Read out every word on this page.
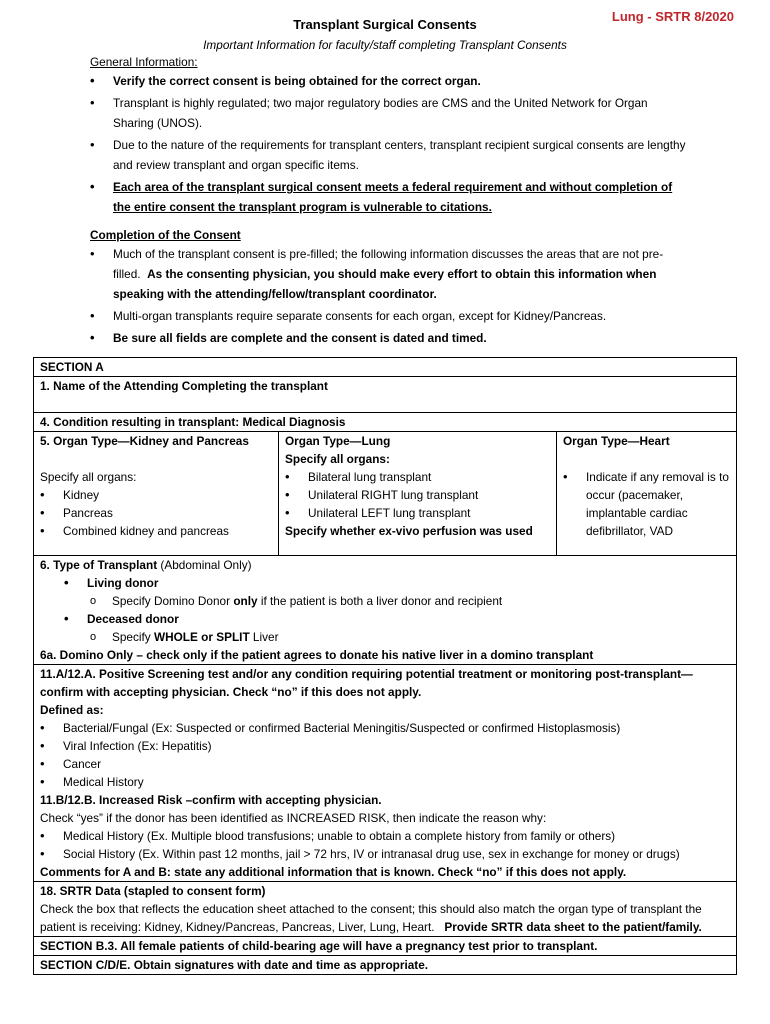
Lung - SRTR 8/2020
Transplant Surgical Consents
Important Information for faculty/staff completing Transplant Consents
General Information:
• Verify the correct consent is being obtained for the correct organ.
• Transplant is highly regulated; two major regulatory bodies are CMS and the United Network for Organ Sharing (UNOS).
• Due to the nature of the requirements for transplant centers, transplant recipient surgical consents are lengthy and review transplant and organ specific items.
• Each area of the transplant surgical consent meets a federal requirement and without completion of the entire consent the transplant program is vulnerable to citations.
Completion of the Consent
• Much of the transplant consent is pre-filled; the following information discusses the areas that are not pre-filled. As the consenting physician, you should make every effort to obtain this information when speaking with the attending/fellow/transplant coordinator.
• Multi-organ transplants require separate consents for each organ, except for Kidney/Pancreas.
• Be sure all fields are complete and the consent is dated and timed.
SECTION A
1. Name of the Attending Completing the transplant
4. Condition resulting in transplant: Medical Diagnosis

5. Organ Type—Kidney and Pancreas
Specify all organs:
• Kidney
• Pancreas
• Combined kidney and pancreas

Organ Type—Lung
Specify all organs:
• Bilateral lung transplant
• Unilateral RIGHT lung transplant
• Unilateral LEFT lung transplant
Specify whether ex-vivo perfusion was used

Organ Type—Heart
• Indicate if any removal is to occur (pacemaker, implantable cardiac defibrillator, VAD

6. Type of Transplant (Abdominal Only)
• Living donor
o Specify Domino Donor only if the patient is both a liver donor and recipient
• Deceased donor
o Specify WHOLE or SPLIT Liver
6a. Domino Only – check only if the patient agrees to donate his native liver in a domino transplant

11.A/12.A. Positive Screening test and/or any condition requiring potential treatment or monitoring post-transplant—confirm with accepting physician. Check “no” if this does not apply.
Defined as:
• Bacterial/Fungal (Ex: Suspected or confirmed Bacterial Meningitis/Suspected or confirmed Histoplasmosis)
• Viral Infection (Ex: Hepatitis)
• Cancer
• Medical History
11.B/12.B. Increased Risk –confirm with accepting physician.
Check “yes” if the donor has been identified as INCREASED RISK, then indicate the reason why:
• Medical History (Ex. Multiple blood transfusions; unable to obtain a complete history from family or others)
• Social History (Ex. Within past 12 months, jail > 72 hrs, IV or intranasal drug use, sex in exchange for money or drugs)
Comments for A and B: state any additional information that is known. Check “no” if this does not apply.

18. SRTR Data (stapled to consent form)
Check the box that reflects the education sheet attached to the consent; this should also match the organ type of transplant the patient is receiving: Kidney, Kidney/Pancreas, Pancreas, Liver, Lung, Heart. Provide SRTR data sheet to the patient/family.

SECTION B.3. All female patients of child-bearing age will have a pregnancy test prior to transplant.
SECTION C/D/E. Obtain signatures with date and time as appropriate.
